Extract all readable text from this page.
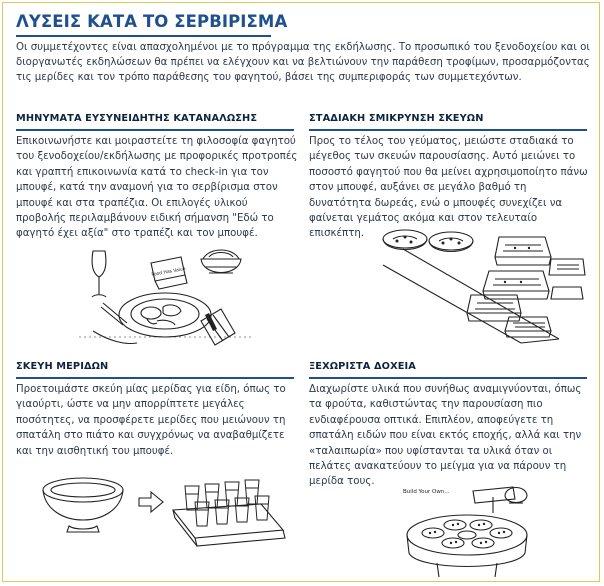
ΛΥΣΕΙΣ ΚΑΤΑ ΤΟ ΣΕΡΒΙΡΙΣΜΑ

Οι συμμετέχοντες είναι απασχολημένοι με το πρόγραμμα της εκδήλωσης. Το προσωπικό του ξενοδοχείου και οι διοργανωτές εκδηλώσεων θα πρέπει να ελέγχουν και να βελτιώνουν την παράθεση τροφίμων, προσαρμόζοντας τις μερίδες και τον τρόπο παράθεσης του φαγητού, βάσει της συμπεριφοράς των συμμετεχόντων.

ΜΗΝΥΜΑΤΑ ΕΥΣΥΝΕΙΔΗΤΗΣ ΚΑΤΑΝΑΛΩΣΗΣ

Επικοινωνήστε και μοιραστείτε τη φιλοσοφία φαγητού του ξενοδοχείου/εκδήλωσης με προφορικές προτροπές και γραπτή επικοινωνία κατά το check-in για τον μπουφέ, κατά την αναμονή για το σερβίρισμα στον μπουφέ και στα τραπέζια. Οι επιλογές υλικού προβολής περιλαμβάνουν ειδική σήμανση "Εδώ το φαγητό έχει αξία" στο τραπέζι και τον μπουφέ.

ΣΤΑΔΙΑΚΗ ΣΜΙΚΡΥΝΣΗ ΣΚΕΥΩΝ

Προς το τέλος του γεύματος, μειώστε σταδιακά το μέγεθος των σκευών παρουσίασης. Αυτό μειώνει το ποσοστό φαγητού που θα μείνει αχρησιμοποίητο πάνω στον μπουφέ, αυξάνει σε μεγάλο βαθμό τη δυνατότητα δωρεάς, ενώ ο μπουφές συνεχίζει να φαίνεται γεμάτος ακόμα και στον τελευταίο επισκέπτη.

ΣΚΕΥΗ ΜΕΡΙΔΩΝ

Προετοιμάστε σκεύη μίας μερίδας για είδη, όπως το γιαούρτι, ώστε να μην απορρίπτετε μεγάλες ποσότητες, να προσφέρετε μερίδες που μειώνουν τη σπατάλη στο πιάτο και συγχρόνως να αναβαθμίζετε και την αισθητική του μπουφέ.

ΞΕΧΩΡΙΣΤΑ ΔΟΧΕΙΑ

Διαχωρίστε υλικά που συνήθως αναμιγνύονται, όπως τα φρούτα, καθιστώντας την παρουσίαση πιο ενδιαφέρουσα οπτικά. Επιπλέον, αποφεύγετε τη σπατάλη ειδών που είναι εκτός εποχής, αλλά και την «ταλαιπωρία» που υφίστανται τα υλικά όταν οι πελάτες ανακατεύουν το μείγμα για να πάρουν τη μερίδα τους.

Food Has Value
Build Your Own...
